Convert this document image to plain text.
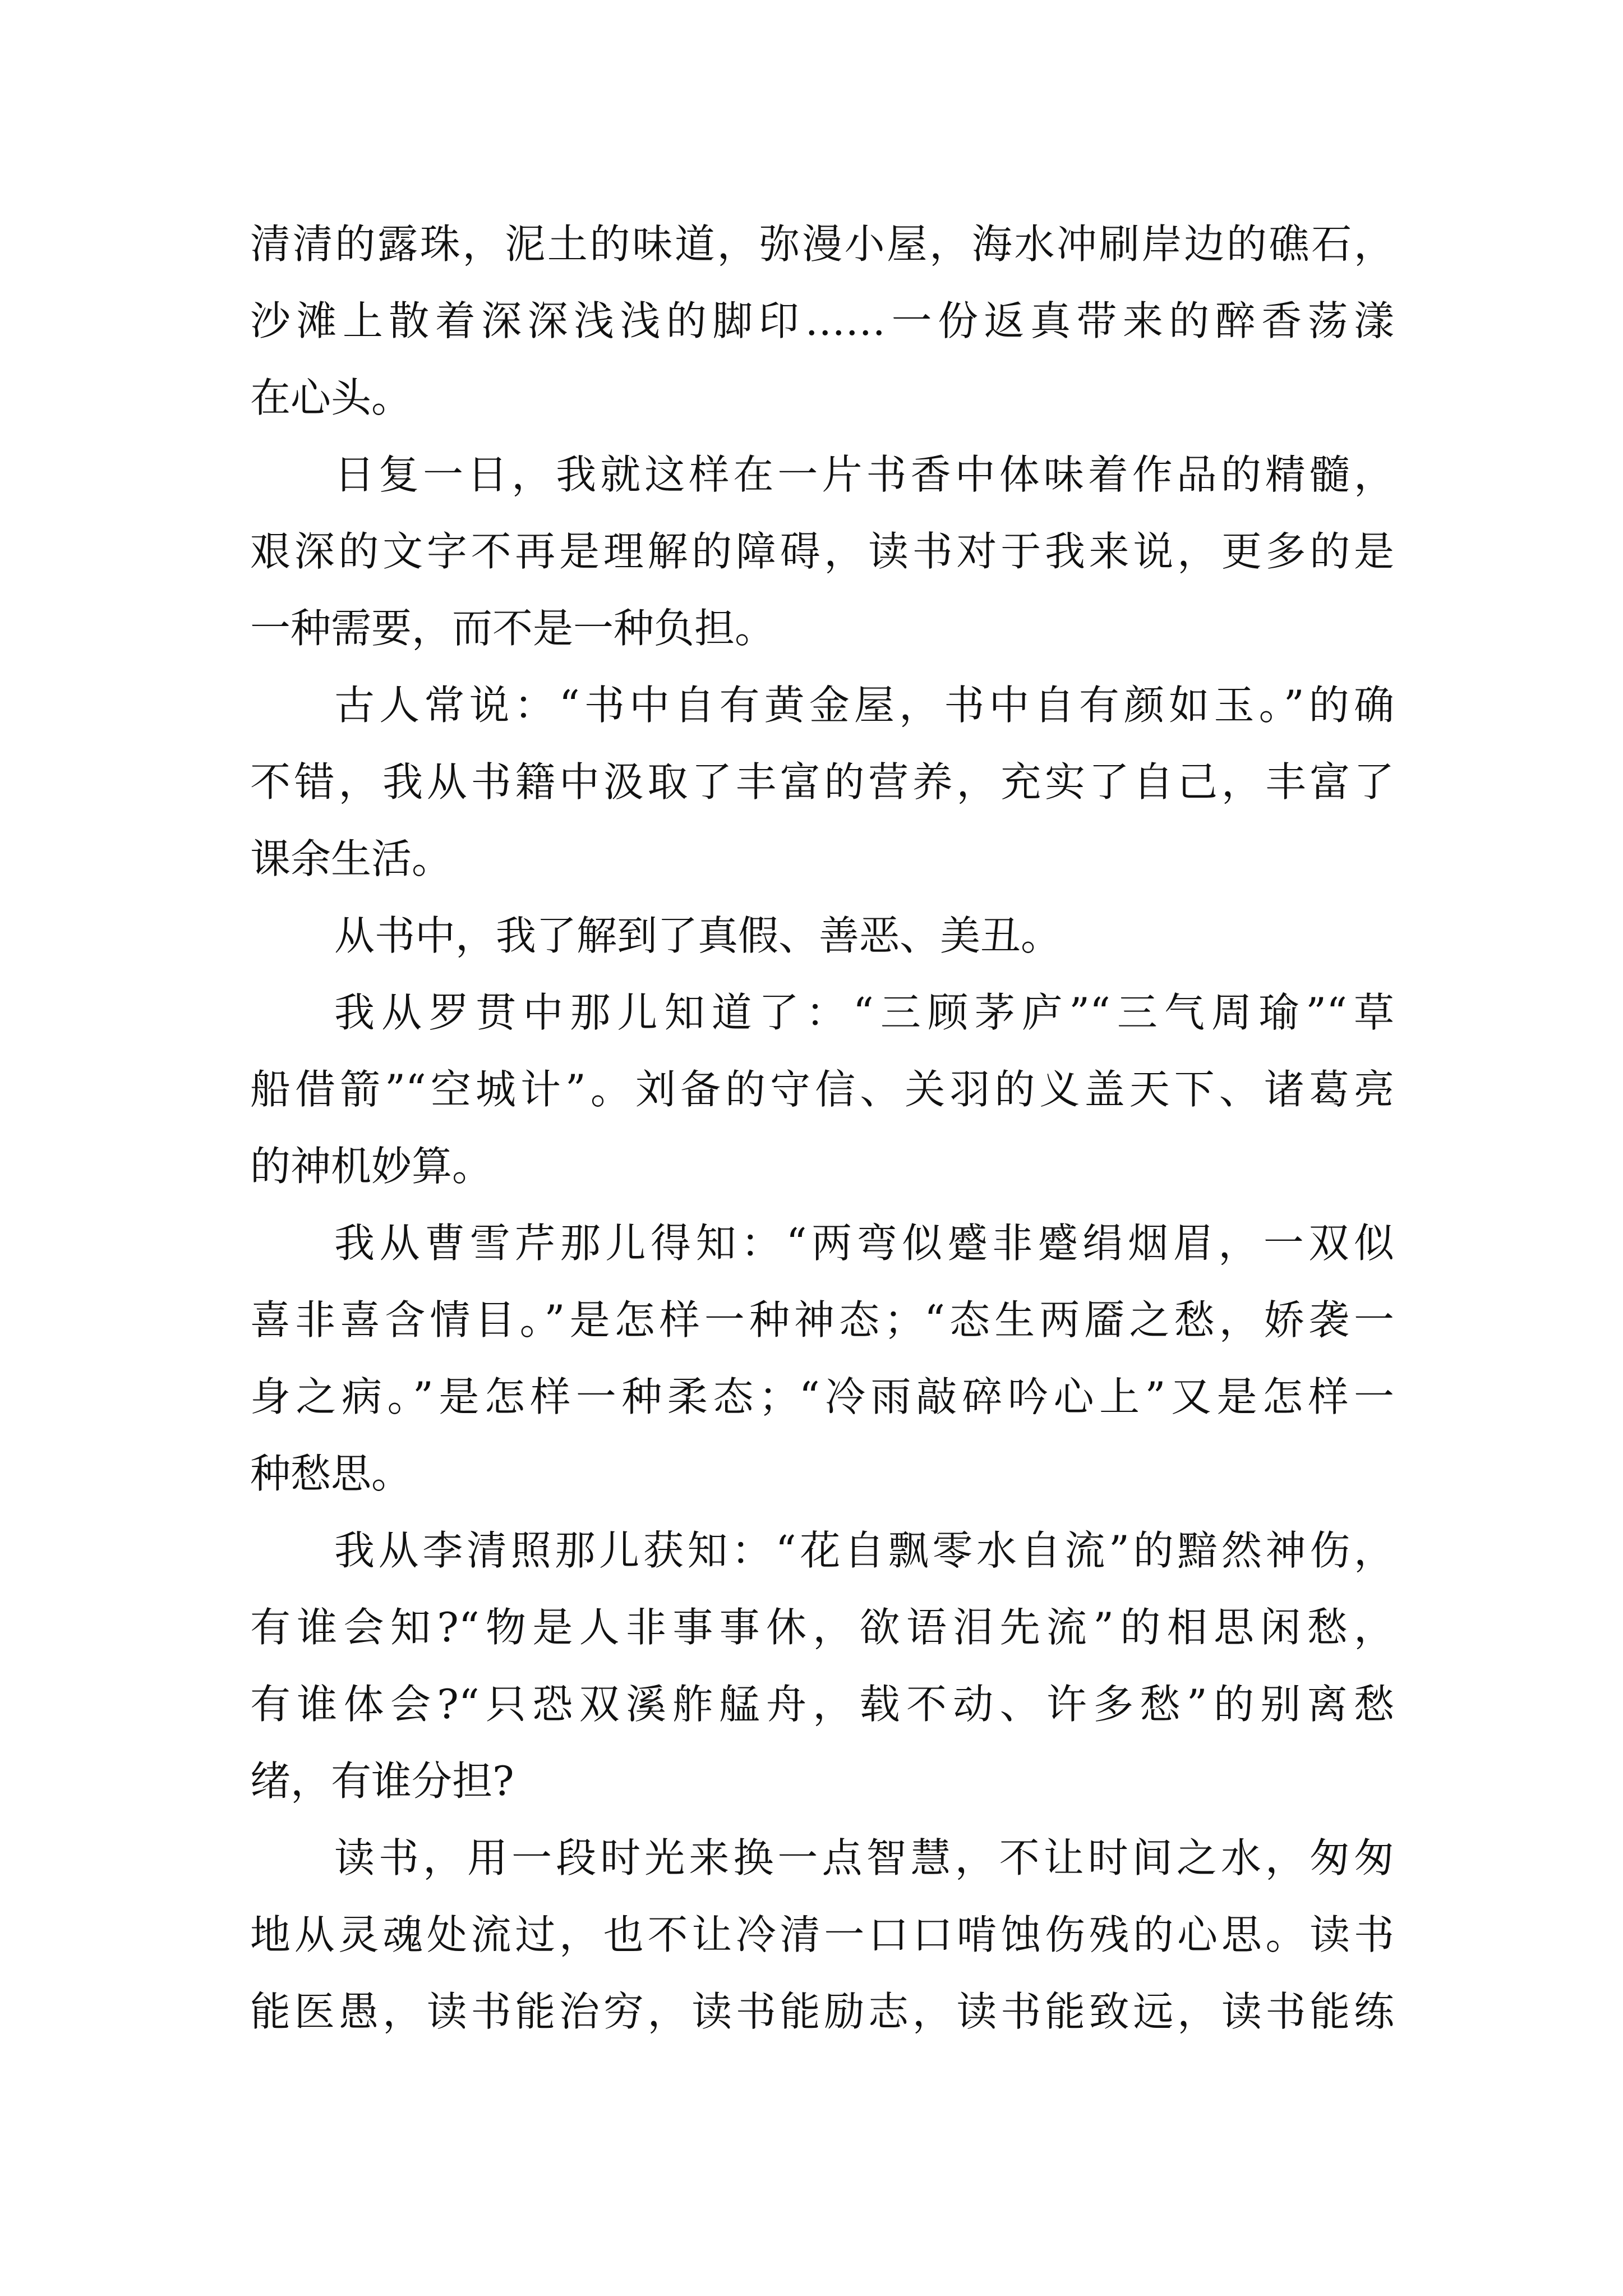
清清的露珠，泥土的味道，弥漫小屋，海水冲刷岸边的礁石，
沙滩上散着深深浅浅的脚印……一份返真带来的醉香荡漾
在心头。
日复一日，我就这样在一片书香中体味着作品的精髓，
艰深的文字不再是理解的障碍，读书对于我来说，更多的是
一种需要，而不是一种负担。
古人常说：“书中自有黄金屋，书中自有颜如玉。”的确
不错，我从书籍中汲取了丰富的营养，充实了自己，丰富了
课余生活。
从书中，我了解到了真假、善恶、美丑。
我从罗贯中那儿知道了：“三顾茅庐”“三气周瑜”“草
船借箭”“空城计”。刘备的守信、关羽的义盖天下、诸葛亮
的神机妙算。
我从曹雪芹那儿得知：“两弯似蹙非蹙绢烟眉，一双似
喜非喜含情目。”是怎样一种神态；“态生两靥之愁，娇袭一
身之病。”是怎样一种柔态；“冷雨敲碎吟心上”又是怎样一
种愁思。
我从李清照那儿获知：“花自飘零水自流”的黯然神伤，
有谁会知?“物是人非事事休，欲语泪先流”的相思闲愁，
有谁体会?“只恐双溪舴艋舟，载不动、许多愁”的别离愁
绪，有谁分担?
读书，用一段时光来换一点智慧，不让时间之水，匆匆
地从灵魂处流过，也不让冷清一口口啃蚀伤残的心思。读书
能医愚，读书能治穷，读书能励志，读书能致远，读书能练
